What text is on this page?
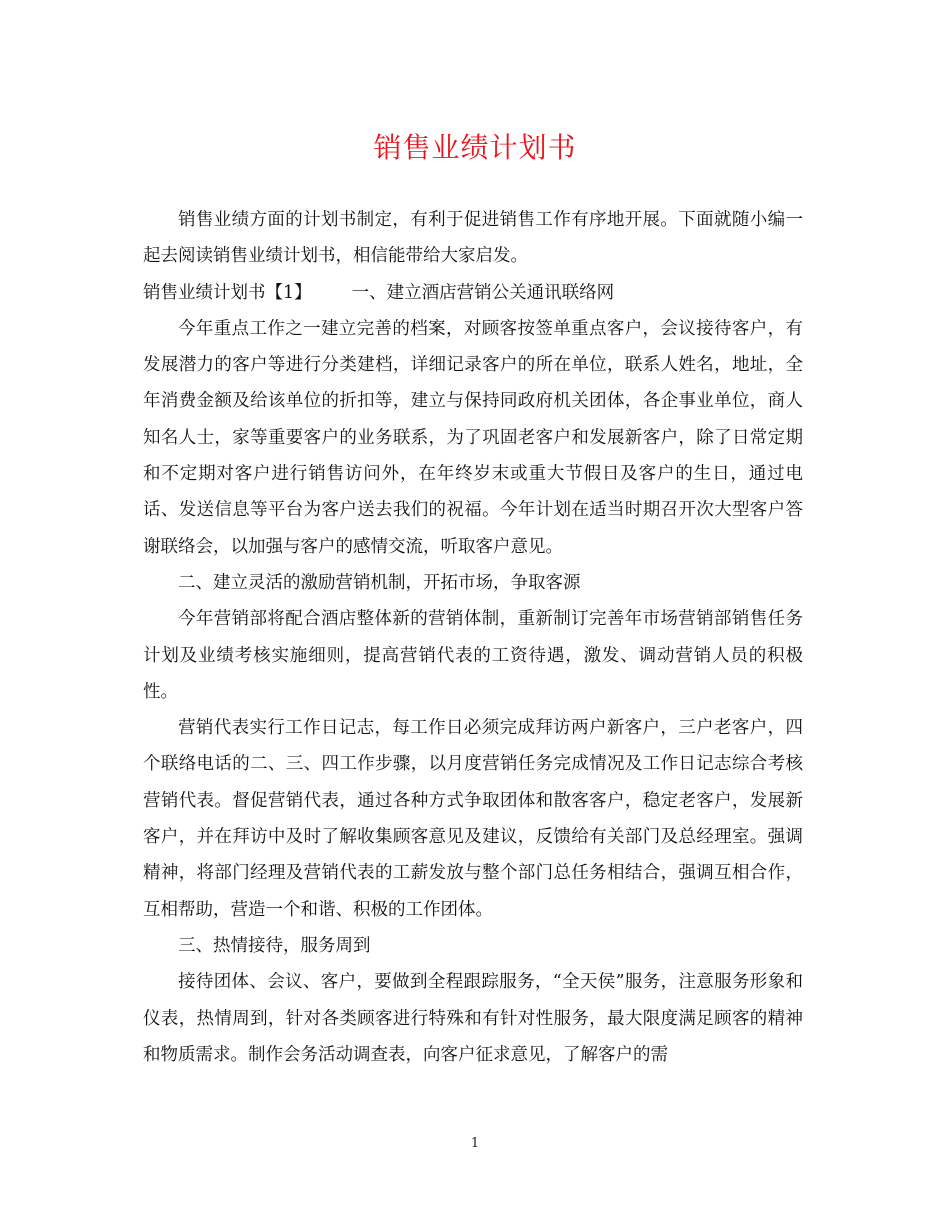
销售业绩计划书

销售业绩方面的计划书制定，有利于促进销售工作有序地开展。下面就随小编一起去阅读销售业绩计划书，相信能带给大家启发。

销售业绩计划书【1】 一、建立酒店营销公关通讯联络网

今年重点工作之一建立完善的档案，对顾客按签单重点客户，会议接待客户，有发展潜力的客户等进行分类建档，详细记录客户的所在单位，联系人姓名，地址，全年消费金额及给该单位的折扣等，建立与保持同政府机关团体，各企事业单位，商人知名人士，家等重要客户的业务联系，为了巩固老客户和发展新客户，除了日常定期和不定期对客户进行销售访问外，在年终岁末或重大节假日及客户的生日，通过电话、发送信息等平台为客户送去我们的祝福。今年计划在适当时期召开次大型客户答谢联络会，以加强与客户的感情交流，听取客户意见。

二、建立灵活的激励营销机制，开拓市场，争取客源

今年营销部将配合酒店整体新的营销体制，重新制订完善年市场营销部销售任务计划及业绩考核实施细则，提高营销代表的工资待遇，激发、调动营销人员的积极性。

营销代表实行工作日记志，每工作日必须完成拜访两户新客户，三户老客户，四个联络电话的二、三、四工作步骤，以月度营销任务完成情况及工作日记志综合考核营销代表。督促营销代表，通过各种方式争取团体和散客客户，稳定老客户，发展新客户，并在拜访中及时了解收集顾客意见及建议，反馈给有关部门及总经理室。强调精神，将部门经理及营销代表的工薪发放与整个部门总任务相结合，强调互相合作，互相帮助，营造一个和谐、积极的工作团体。

三、热情接待，服务周到

接待团体、会议、客户，要做到全程跟踪服务，“全天侯”服务，注意服务形象和仪表，热情周到，针对各类顾客进行特殊和有针对性服务，最大限度满足顾客的精神和物质需求。制作会务活动调查表，向客户征求意见，了解客户的需

1
